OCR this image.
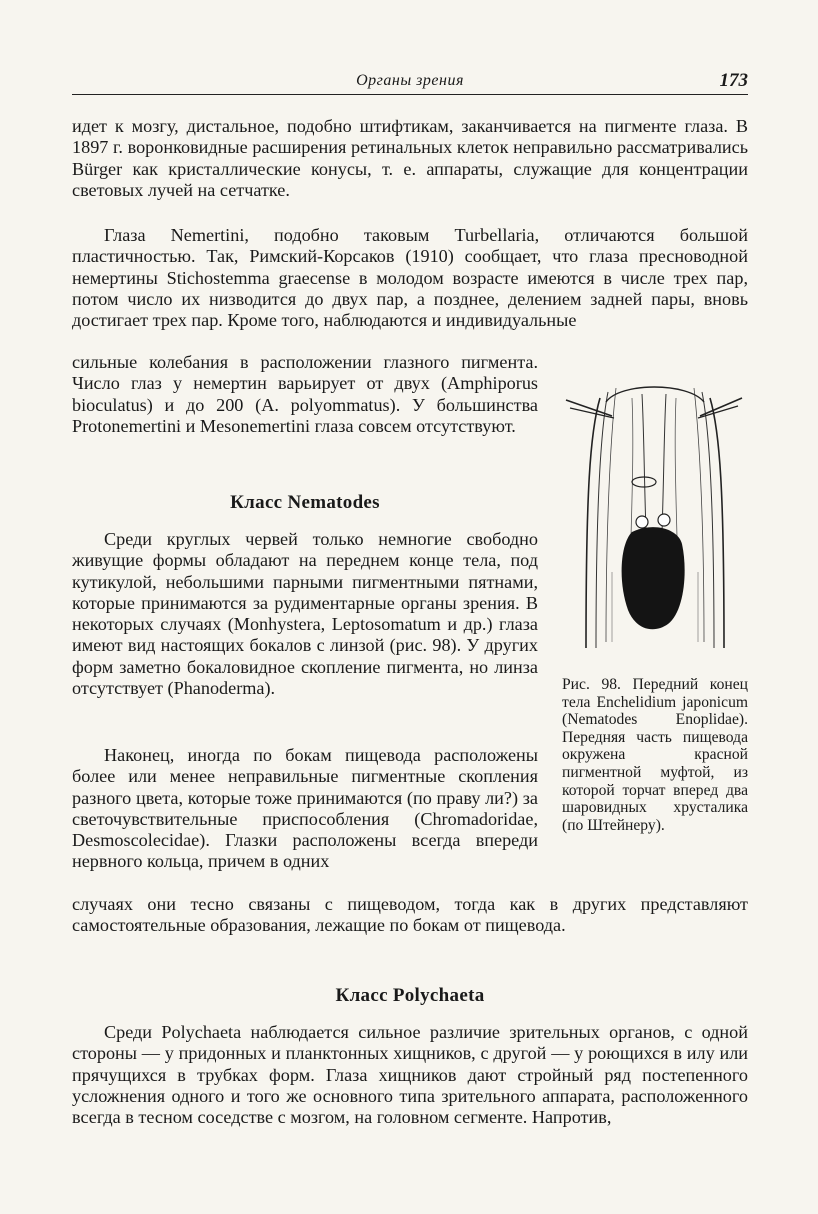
Органы зрения	173

идет к мозгу, дистальное, подобно штифтикам, заканчивается на пигменте глаза. В 1897 г. воронковидные расширения ретинальных клеток неправильно рассматривались Bürger как кристаллические конусы, т. е. аппараты, служащие для концентрации световых лучей на сетчатке.

Глаза Nemertini, подобно таковым Turbellaria, отличаются большой пластичностью. Так, Римский-Корсаков (1910) сообщает, что глаза пресноводной немертины Stichostemma graecense в молодом возрасте имеются в числе трех пар, потом число их низводится до двух пар, а позднее, делением задней пары, вновь достигает трех пар. Кроме того, наблюдаются и индивидуальные

сильные колебания в расположении глазного пигмента. Число глаз у немертин варьирует от двух (Amphiporus bioculatus) и до 200 (A. polyommatus). У большинства Protonemertini и Mesonemertini глаза совсем отсутствуют.

Класс Nematodes

Среди круглых червей только немногие свободно живущие формы обладают на переднем конце тела, под кутикулой, небольшими парными пигментными пятнами, которые принимаются за рудиментарные органы зрения. В некоторых случаях (Monhystera, Leptosomatum и др.) глаза имеют вид настоящих бокалов с линзой (рис. 98). У других форм заметно бокаловидное скопление пигмента, но линза отсутствует (Phanoderma).

Наконец, иногда по бокам пищевода расположены более или менее неправильные пигментные скопления разного цвета, которые тоже принимаются (по праву ли?) за светочувствительные приспособления (Chromadoridae, Desmoscolecidae). Глазки расположены всегда впереди нервного кольца, причем в одних

случаях они тесно связаны с пищеводом, тогда как в других представляют самостоятельные образования, лежащие по бокам от пищевода.

Рис. 98. Передний конец тела Enchelidium japonicum (Nematodes Enoplidae). Передняя часть пищевода окружена красной пигментной муфтой, из которой торчат вперед два шаровидных хрусталика (по Штейнеру).

Класс Polychaeta

Среди Polychaeta наблюдается сильное различие зрительных органов, с одной стороны — у придонных и планктонных хищников, с другой — у роющихся в илу или прячущихся в трубках форм. Глаза хищников дают стройный ряд постепенного усложнения одного и того же основного типа зрительного аппарата, расположенного всегда в тесном соседстве с мозгом, на головном сегменте. Напротив,
